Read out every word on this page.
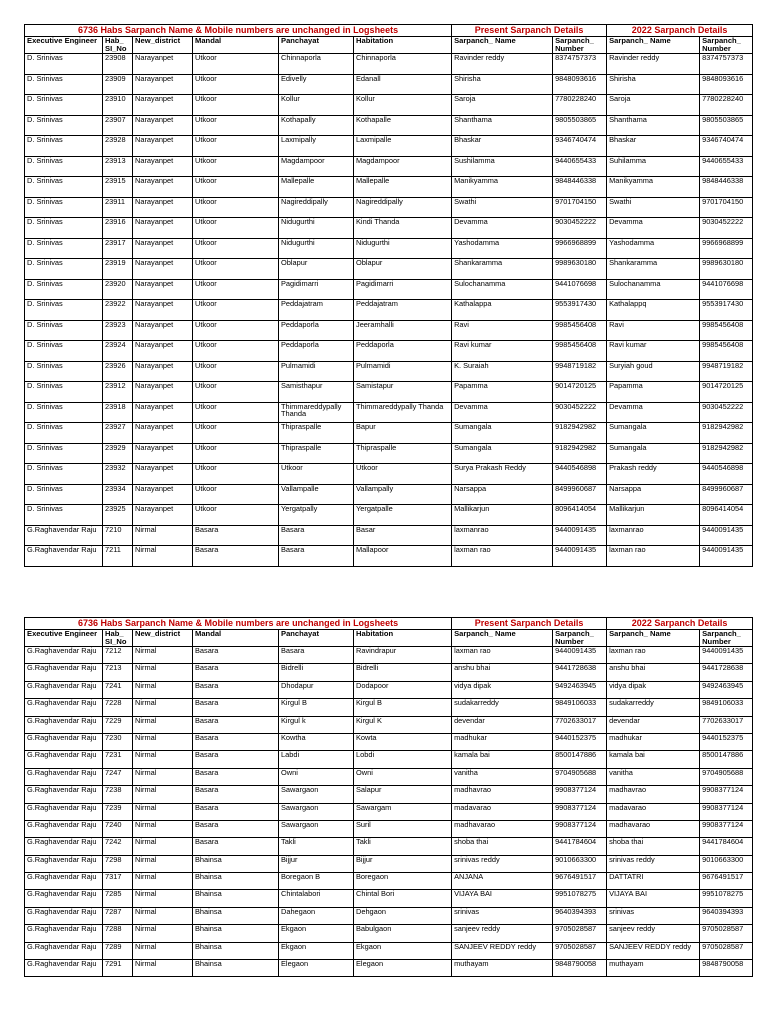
6736 Habs Sarpanch Name & Mobile numbers are unchanged in Logsheets						Present Sarpanch Details		2022 Sarpanch Details	
Executive Engineer	Hab_ SI_No	New_district	Mandal	Panchayat	Habitation	Sarpanch_ Name	Sarpanch_ Number	Sarpanch_ Name	Sarpanch_ Number
D. Srinivas	23908	Narayanpet	Utkoor	Chinnaporla	Chinnaporla	Ravinder reddy	8374757373	Ravinder reddy	8374757373
D. Srinivas	23909	Narayanpet	Utkoor	Edivelly	Edanall	Shirisha	9848093616	Shirisha	9848093616
D. Srinivas	23910	Narayanpet	Utkoor	Kollur	Kollur	Saroja	7780228240	Saroja	7780228240
D. Srinivas	23907	Narayanpet	Utkoor	Kothapally	Kothapalle	Shanthama	9805503865	Shanthama	9805503865
D. Srinivas	23928	Narayanpet	Utkoor	Laxmipally	Laxmipalle	Bhaskar	9346740474	Bhaskar	9346740474
D. Srinivas	23913	Narayanpet	Utkoor	Magdampoor	Magdampoor	Sushilamma	9440655433	Suhilamma	9440655433
D. Srinivas	23915	Narayanpet	Utkoor	Mallepalle	Mallepalle	Manikyamma	9848446338	Manikyamma	9848446338
D. Srinivas	23911	Narayanpet	Utkoor	Nagireddipally	Nagireddipally	Swathi	9701704150	Swathi	9701704150
D. Srinivas	23916	Narayanpet	Utkoor	Nidugurthi	Kindi Thanda	Devamma	9030452222	Devamma	9030452222
D. Srinivas	23917	Narayanpet	Utkoor	Nidugurthi	Nidugurthi	Yashodamma	9966968899	Yashodamma	9966968899
D. Srinivas	23919	Narayanpet	Utkoor	Oblapur	Oblapur	Shankaramma	9989630180	Shankaramma	9989630180
D. Srinivas	23920	Narayanpet	Utkoor	Pagidimarri	Pagidimarri	Sulochanamma	9441076698	Sulochanamma	9441076698
D. Srinivas	23922	Narayanpet	Utkoor	Peddajatram	Peddajatram	Kathalappa	9553917430	Kathalappq	9553917430
D. Srinivas	23923	Narayanpet	Utkoor	Peddaporla	Jeeramhalli	Ravi	9985456408	Ravi	9985456408
D. Srinivas	23924	Narayanpet	Utkoor	Peddaporla	Peddaporla	Ravi kumar	9985456408	Ravi kumar	9985456408
D. Srinivas	23926	Narayanpet	Utkoor	Pulmamidi	Pulmamidi	K. Suraiah	9948719182	Suryiah goud	9948719182
D. Srinivas	23912	Narayanpet	Utkoor	Samisthapur	Samistapur	Papamma	9014720125	Papamma	9014720125
D. Srinivas	23918	Narayanpet	Utkoor	Thimmareddypally Thanda	Thimmareddypally Thanda	Devamma	9030452222	Devamma	9030452222
D. Srinivas	23927	Narayanpet	Utkoor	Thipraspalle	Bapur	Sumangala	9182942982	Sumangala	9182942982
D. Srinivas	23929	Narayanpet	Utkoor	Thipraspalle	Thipraspalle	Sumangala	9182942982	Sumangala	9182942982
D. Srinivas	23932	Narayanpet	Utkoor	Utkoor	Utkoor	Surya Prakash Reddy	9440546898	Prakash reddy	9440546898
D. Srinivas	23934	Narayanpet	Utkoor	Vallampalle	Vallampally	Narsappa	8499960687	Narsappa	8499960687
D. Srinivas	23925	Narayanpet	Utkoor	Yergatpally	Yergatpalle	Mallikarjun	8096414054	Mallikarjun	8096414054
G.Raghavendar Raju	7210	Nirmal	Basara	Basara	Basar	laxmanrao	9440091435	laxmanrao	9440091435
G.Raghavendar Raju	7211	Nirmal	Basara	Basara	Mallapoor	laxman rao	9440091435	laxman rao	9440091435
6736 Habs Sarpanch Name & Mobile numbers are unchanged in Logsheets						Present Sarpanch Details		2022 Sarpanch Details	
Executive Engineer	Hab_ SI_No	New_district	Mandal	Panchayat	Habitation	Sarpanch_ Name	Sarpanch_ Number	Sarpanch_ Name	Sarpanch_ Number
G.Raghavendar Raju	7212	Nirmal	Basara	Basara	Ravindrapur	laxman rao	9440091435	laxman rao	9440091435
G.Raghavendar Raju	7213	Nirmal	Basara	Bidrelli	Bidrelli	anshu bhai	9441728638	anshu bhai	9441728638
G.Raghavendar Raju	7241	Nirmal	Basara	Dhodapur	Dodapoor	vidya dipak	9492463945	vidya dipak	9492463945
G.Raghavendar Raju	7228	Nirmal	Basara	Kirgul B	Kirgul B	sudakarreddy	9849106033	sudakarreddy	9849106033
G.Raghavendar Raju	7229	Nirmal	Basara	Kirgul k	Kirgul K	devendar	7702633017	devendar	7702633017
G.Raghavendar Raju	7230	Nirmal	Basara	Kowtha	Kowta	madhukar	9440152375	madhukar	9440152375
G.Raghavendar Raju	7231	Nirmal	Basara	Labdi	Lobdi	kamala bai	8500147886	kamala bai	8500147886
G.Raghavendar Raju	7247	Nirmal	Basara	Owni	Owni	vanitha	9704905688	vanitha	9704905688
G.Raghavendar Raju	7238	Nirmal	Basara	Sawargaon	Salapur	madhavrao	9908377124	madhavrao	9908377124
G.Raghavendar Raju	7239	Nirmal	Basara	Sawargaon	Sawargam	madavarao	9908377124	madavarao	9908377124
G.Raghavendar Raju	7240	Nirmal	Basara	Sawargaon	Suril	madhavarao	9908377124	madhavarao	9908377124
G.Raghavendar Raju	7242	Nirmal	Basara	Takli	Takli	shoba thai	9441784604	shoba thai	9441784604
G.Raghavendar Raju	7298	Nirmal	Bhainsa	Bijjur	Bijjur	srinivas reddy	9010663300	srinivas reddy	9010663300
G.Raghavendar Raju	7317	Nirmal	Bhainsa	Boregaon B	Boregaon	ANJANA	9676491517	DATTATRI	9676491517
G.Raghavendar Raju	7285	Nirmal	Bhainsa	Chintalabori	Chintal Bori	VIJAYA BAI	9951078275	VIJAYA BAI	9951078275
G.Raghavendar Raju	7287	Nirmal	Bhainsa	Dahegaon	Dehgaon	srinivas	9640394393	srinivas	9640394393
G.Raghavendar Raju	7288	Nirmal	Bhainsa	Ekgaon	Babulgaon	sanjeev reddy	9705028587	sanjeev reddy	9705028587
G.Raghavendar Raju	7289	Nirmal	Bhainsa	Ekgaon	Ekgaon	SANJEEV REDDY reddy	9705028587	SANJEEV REDDY reddy	9705028587
G.Raghavendar Raju	7291	Nirmal	Bhainsa	Elegaon	Elegaon	muthayam	9848790058	muthayam	9848790058
